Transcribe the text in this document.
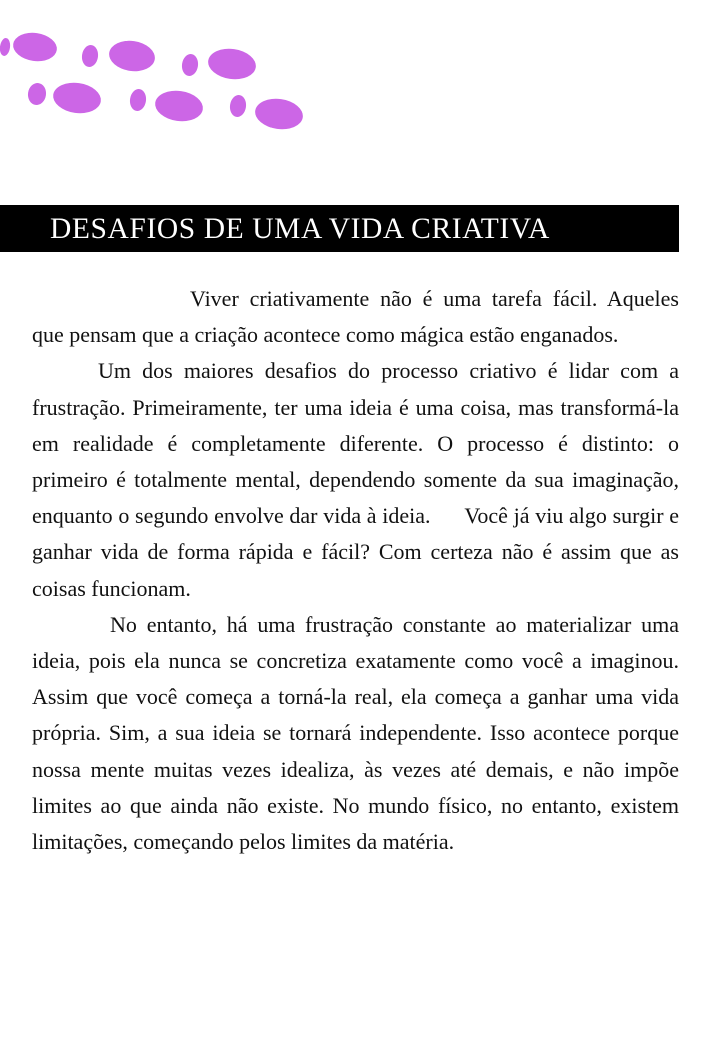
DESAFIOS DE UMA VIDA CRIATIVA

Viver criativamente não é uma tarefa fácil. Aqueles que pensam que a criação acontece como mágica estão enganados.

Um dos maiores desafios do processo criativo é lidar com a frustração. Primeiramente, ter uma ideia é uma coisa, mas transformá-la em realidade é completamente diferente. O processo é distinto: o primeiro é totalmente mental, dependendo somente da sua imaginação, enquanto o segundo envolve dar vida à ideia.      Você já viu algo surgir e ganhar vida de forma rápida e fácil? Com certeza não é assim que as coisas funcionam.

No entanto, há uma frustração constante ao materializar uma ideia, pois ela nunca se concretiza exatamente como você a imaginou. Assim que você começa a torná-la real, ela começa a ganhar uma vida própria. Sim, a sua ideia se tornará independente. Isso acontece porque nossa mente muitas vezes idealiza, às vezes até demais, e não impõe limites ao que ainda não existe. No mundo físico, no entanto, existem limitações, começando pelos limites da matéria.
